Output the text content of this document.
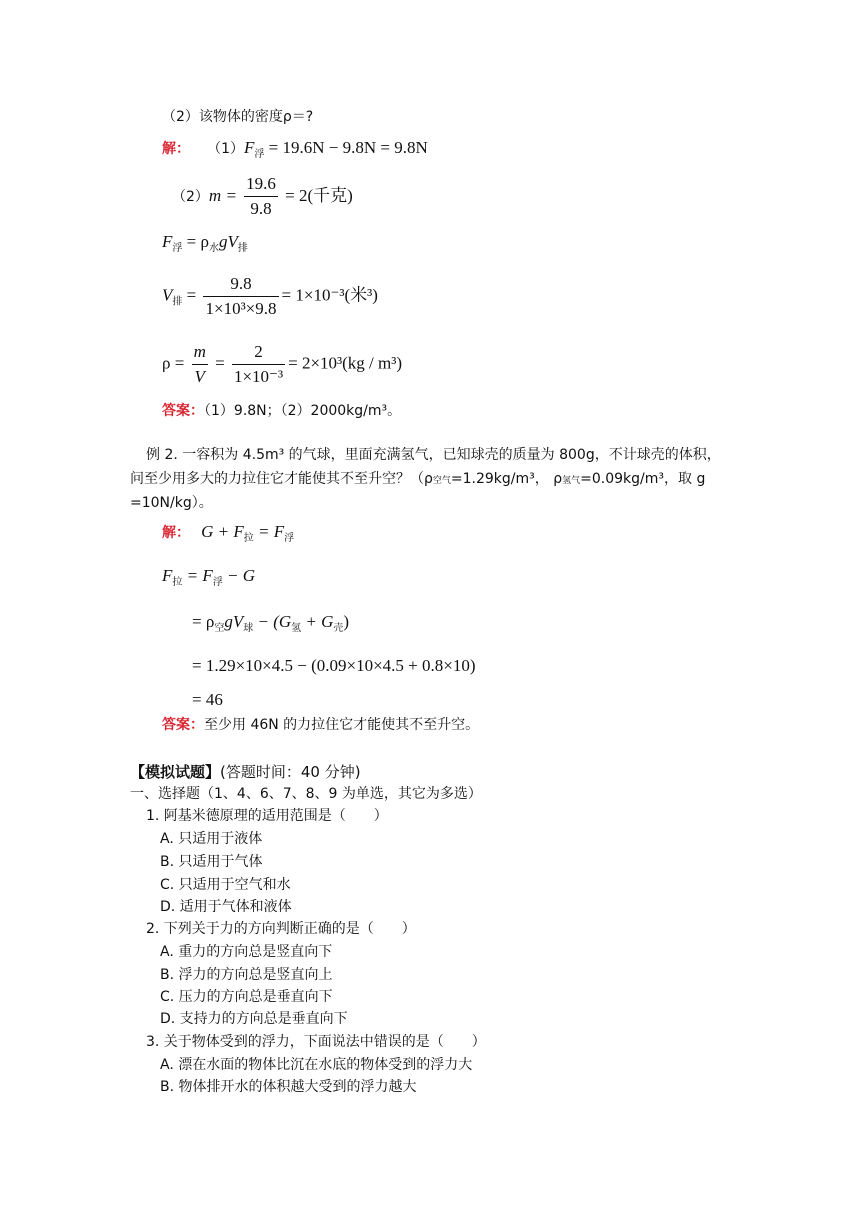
（2）该物体的密度ρ＝?
解： $(1)F_浮 = 19.6N - 9.8N = 9.8N$
$(2)m = \frac{19.6}{9.8} = 2$(千克)
$F_浮 = \rho_水gV_排$
$V_排 = \frac{9.8}{\text{1×10³×9.8}} = 1\times 10^{-3}$(米³)
$\rho = \frac{m}{V} = \frac{2}{\text{1×10⁻³}} = 2\times 10^3(kg / m^3)$
答案：（1）9.8N；（2）2000kg/m³。
例 2. 一容积为 4.5m³ 的气球，里面充满氢气，已知球壳的质量为 800g，不计球壳的体积，
问至少用多大的力拉住它才能使其不至升空？（ρ空气=1.29kg/m³， ρ氢气=0.09kg/m³，取 g
=10N/kg）。
解： $G + F_拉 = F_浮$
$F_拉 = F_浮 - G$
= $\rho_空gV_球 - (G_氢 + G_壳)$
= 1.29×10×4.5 − (0.09×10×4.5 + 0.8×10)
= 46
答案：至少用 46N 的力拉住它才能使其不至升空。
【模拟试题】(答题时间：40 分钟)
一、选择题（1、4、6、7、8、9 为单选，其它为多选）
1. 阿基米德原理的适用范围是（　　）
A. 只适用于液体
B. 只适用于气体
C. 只适用于空气和水
D. 适用于气体和液体
2. 下列关于力的方向判断正确的是（　　）
A. 重力的方向总是竖直向下
B. 浮力的方向总是竖直向上
C. 压力的方向总是垂直向下
D. 支持力的方向总是垂直向下
3. 关于物体受到的浮力，下面说法中错误的是（　　）
A. 漂在水面的物体比沉在水底的物体受到的浮力大
B. 物体排开水的体积越大受到的浮力越大
